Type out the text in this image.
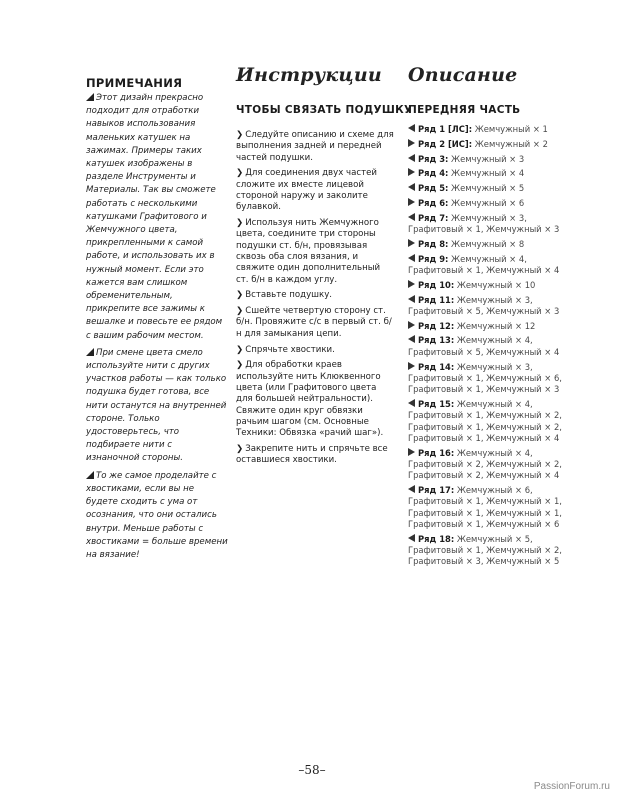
ПРИМЕЧАНИЯ

Этот дизайн прекрасно подходит для отработки навыков использования маленьких катушек на зажимах. Примеры таких катушек изображены в разделе Инструменты и Материалы. Так вы сможете работать с несколькими катушками Графитового и Жемчужного цвета, прикрепленными к самой работе, и использовать их в нужный момент. Если это кажется вам слишком обременительным, прикрепите все зажимы к вешалке и повесьте ее рядом с вашим рабочим местом.

При смене цвета смело используйте нити с других участков работы — как только подушка будет готова, все нити останутся на внутренней стороне. Только удостоверьтесь, что подбираете нити с изнаночной стороны.

То же самое проделайте с хвостиками, если вы не будете сходить с ума от осознания, что они остались внутри. Меньше работы с хвостиками = больше времени на вязание!

Инструкции
ЧТОБЫ СВЯЗАТЬ ПОДУШКУ

❯ Следуйте описанию и схеме для выполнения задней и передней частей подушки.

❯ Для соединения двух частей сложите их вместе лицевой стороной наружу и заколите булавкой.

❯ Используя нить Жемчужного цвета, соедините три стороны подушки ст. б/н, провязывая сквозь оба слоя вязания, и свяжите один дополнительный ст. б/н в каждом углу.

❯ Вставьте подушку.

❯ Сшейте четвертую сторону ст. б/н. Провяжите с/с в первый ст. б/н для замыкания цепи.

❯ Спрячьте хвостики.

❯ Для обработки краев используйте нить Клюквенного цвета (или Графитового цвета для большей нейтральности). Свяжите один круг обвязки рачьим шагом (см. Основные Техники: Обвязка «рачий шаг»).

❯ Закрепите нить и спрячьте все оставшиеся хвостики.

Описание
ПЕРЕДНЯЯ ЧАСТЬ
Ряд 1 [ЛС]: Жемчужный × 1
Ряд 2 [ИС]: Жемчужный × 2
Ряд 3: Жемчужный × 3
Ряд 4: Жемчужный × 4
Ряд 5: Жемчужный × 5
Ряд 6: Жемчужный × 6
Ряд 7: Жемчужный × 3, Графитовый × 1, Жемчужный × 3
Ряд 8: Жемчужный × 8
Ряд 9: Жемчужный × 4, Графитовый × 1, Жемчужный × 4
Ряд 10: Жемчужный × 10
Ряд 11: Жемчужный × 3, Графитовый × 5, Жемчужный × 3
Ряд 12: Жемчужный × 12
Ряд 13: Жемчужный × 4, Графитовый × 5, Жемчужный × 4
Ряд 14: Жемчужный × 3, Графитовый × 1, Жемчужный × 6, Графитовый × 1, Жемчужный × 3
Ряд 15: Жемчужный × 4, Графитовый × 1, Жемчужный × 2, Графитовый × 1, Жемчужный × 2, Графитовый × 1, Жемчужный × 4
Ряд 16: Жемчужный × 4, Графитовый × 2, Жемчужный × 2, Графитовый × 2, Жемчужный × 4
Ряд 17: Жемчужный × 6, Графитовый × 1, Жемчужный × 1, Графитовый × 1, Жемчужный × 1, Графитовый × 1, Жемчужный × 6
Ряд 18: Жемчужный × 5, Графитовый × 1, Жемчужный × 2, Графитовый × 3, Жемчужный × 5
–58–
PassionForum.ru
